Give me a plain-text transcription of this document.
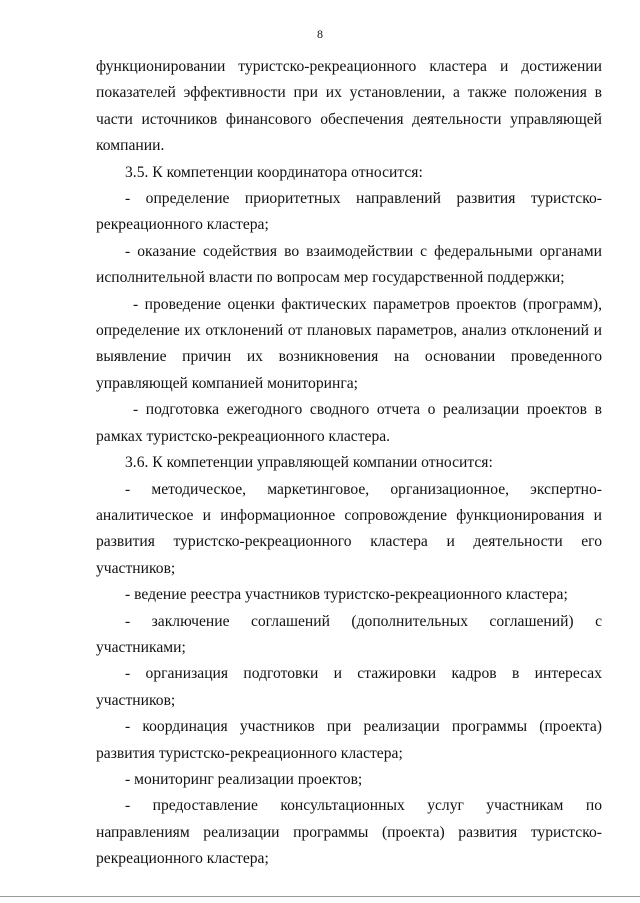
8

функционировании туристско-рекреационного кластера и достижении показателей эффективности при их установлении, а также положения в части источников финансового обеспечения деятельности управляющей компании.

3.5. К компетенции координатора относится:

- определение приоритетных направлений развития туристско-рекреационного кластера;

- оказание содействия во взаимодействии с федеральными органами исполнительной власти по вопросам мер государственной поддержки;

- проведение оценки фактических параметров проектов (программ), определение их отклонений от плановых параметров, анализ отклонений и выявление причин их возникновения на основании проведенного управляющей компанией мониторинга;

- подготовка ежегодного сводного отчета о реализации проектов в рамках туристско-рекреационного кластера.

3.6. К компетенции управляющей компании относится:

- методическое, маркетинговое, организационное, экспертно-аналитическое и информационное сопровождение функционирования и развития туристско-рекреационного кластера и деятельности его участников;

- ведение реестра участников туристско-рекреационного кластера;

- заключение соглашений (дополнительных соглашений) с участниками;

- организация подготовки и стажировки кадров в интересах участников;

- координация участников при реализации программы (проекта) развития туристско-рекреационного кластера;

- мониторинг реализации проектов;

- предоставление консультационных услуг участникам по направлениям реализации программы (проекта) развития туристско-рекреационного кластера;
